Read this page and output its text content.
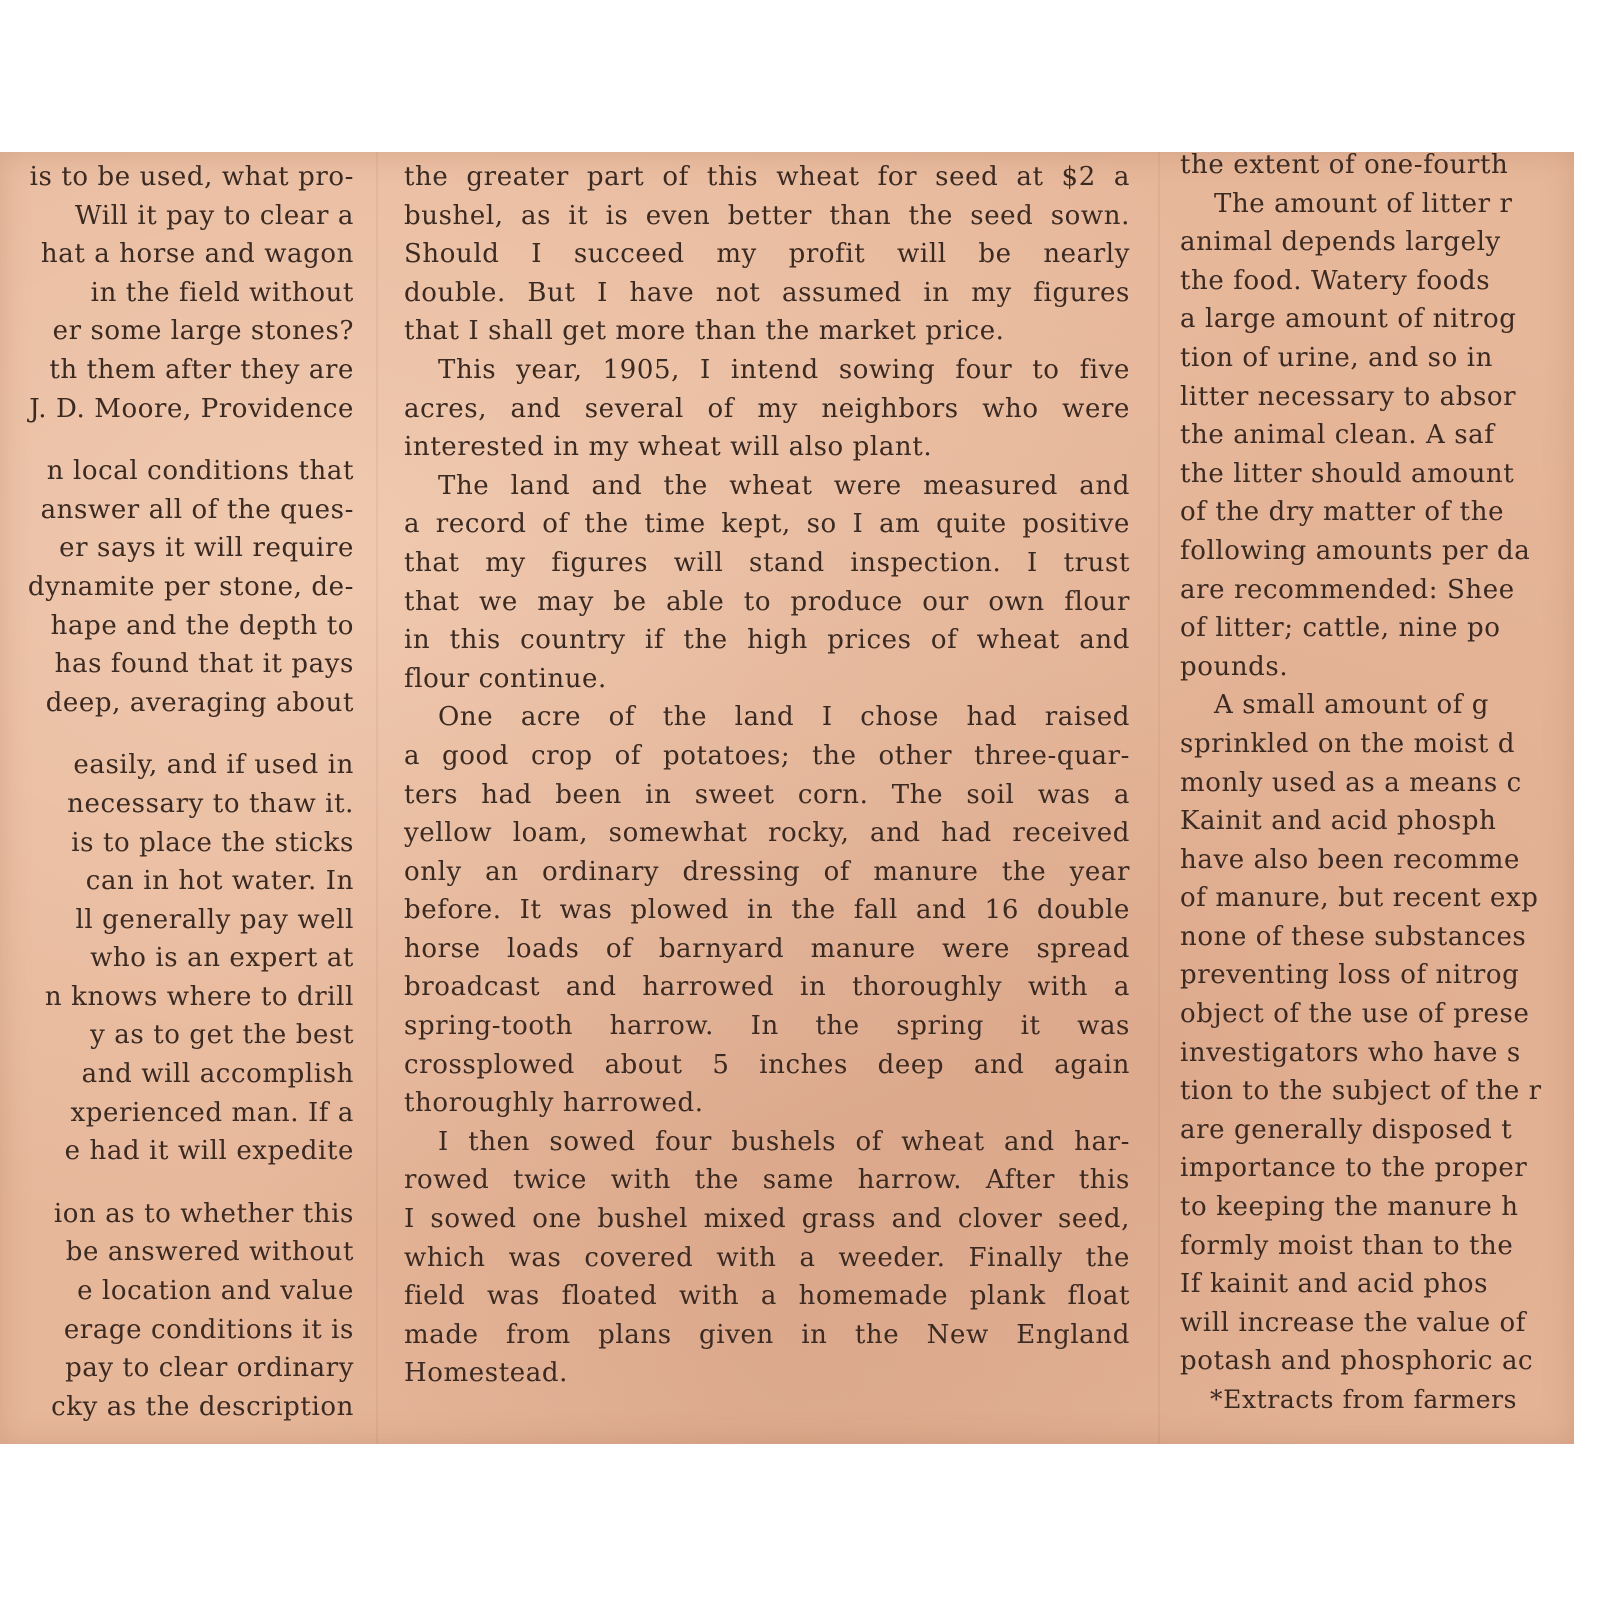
is to be used, what pro-
Will it pay to clear a
hat a horse and wagon
in the field without
er some large stones?
th them after they are
J. D. Moore, Providence
n local conditions that
answer all of the ques-
er says it will require
dynamite per stone, de-
hape and the depth to
has found that it pays
deep, averaging about
easily, and if used in
necessary to thaw it.
is to place the sticks
can in hot water. In
ll generally pay well
who is an expert at
n knows where to drill
y as to get the best
and will accomplish
xperienced man. If a
e had it will expedite
ion as to whether this
be answered without
e location and value
erage conditions it is
pay to clear ordinary
cky as the description
the greater part of this wheat for seed at $2 a
bushel, as it is even better than the seed sown.
Should I succeed my profit will be nearly
double. But I have not assumed in my figures
that I shall get more than the market price.
This year, 1905, I intend sowing four to five
acres, and several of my neighbors who were
interested in my wheat will also plant.
The land and the wheat were measured and
a record of the time kept, so I am quite positive
that my figures will stand inspection. I trust
that we may be able to produce our own flour
in this country if the high prices of wheat and
flour continue.
One acre of the land I chose had raised
a good crop of potatoes; the other three-quar-
ters had been in sweet corn. The soil was a
yellow loam, somewhat rocky, and had received
only an ordinary dressing of manure the year
before. It was plowed in the fall and 16 double
horse loads of barnyard manure were spread
broadcast and harrowed in thoroughly with a
spring-tooth harrow. In the spring it was
crossplowed about 5 inches deep and again
thoroughly harrowed.
I then sowed four bushels of wheat and har-
rowed twice with the same harrow. After this
I sowed one bushel mixed grass and clover seed,
which was covered with a weeder. Finally the
field was floated with a homemade plank float
made from plans given in the New England
Homestead.
the extent of one-fourth
The amount of litter r
animal depends largely
the food. Watery foods
a large amount of nitrog
tion of urine, and so in
litter necessary to absor
the animal clean. A saf
the litter should amount
of the dry matter of the
following amounts per da
are recommended: Shee
of litter; cattle, nine po
pounds.
A small amount of g
sprinkled on the moist d
monly used as a means c
Kainit and acid phosph
have also been recomme
of manure, but recent exp
none of these substances
preventing loss of nitrog
object of the use of prese
investigators who have s
tion to the subject of the r
are generally disposed t
importance to the proper
to keeping the manure h
formly moist than to the
If kainit and acid phos
will increase the value of
potash and phosphoric ac
*Extracts from farmers
